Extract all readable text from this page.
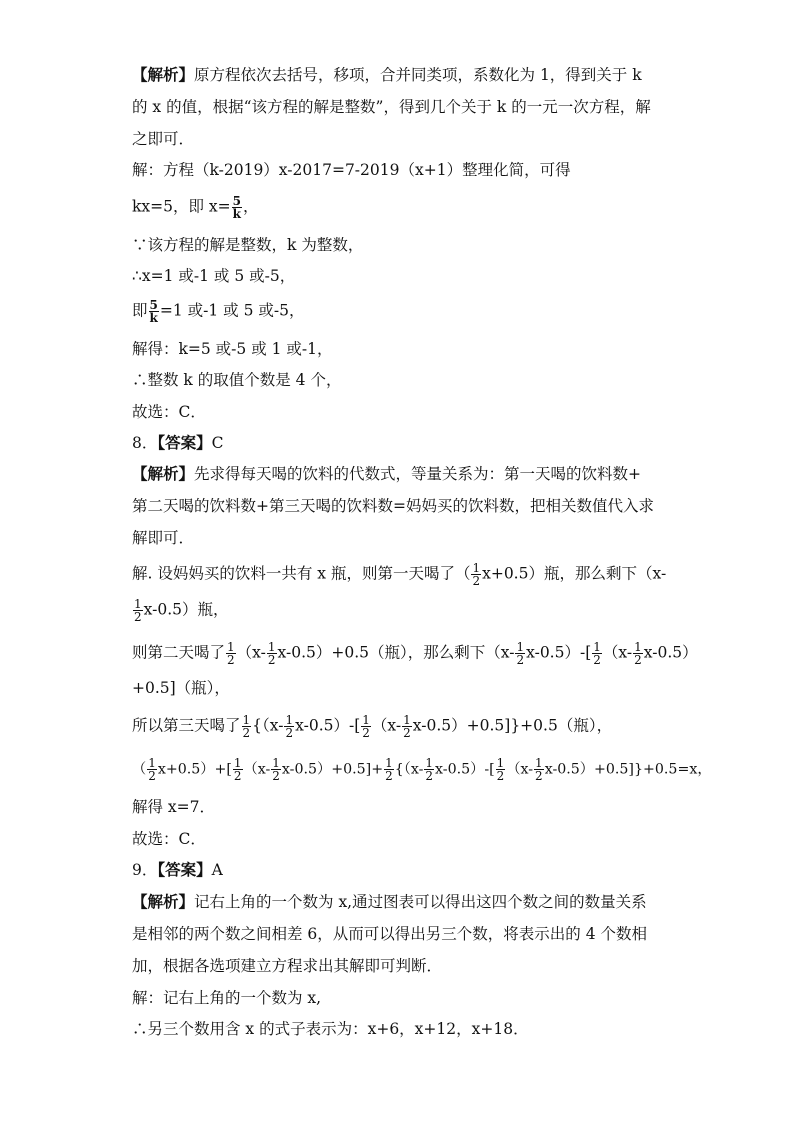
【解析】原方程依次去括号，移项，合并同类项，系数化为 1，得到关于 k
的 x 的值，根据“该方程的解是整数”，得到几个关于 k 的一元一次方程，解
之即可．
解：方程（k-2019）x-2017=7-2019（x+1）整理化简，可得
kx=5，即 $x= \frac{5}{k}$ ，
∵该方程的解是整数，k 为整数，
∴x=1 或-1 或 5 或-5，
即 $\frac{5}{k} =1$ 或-1 或 5 或-5，
解得：k=5 或-5 或 1 或-1，
∴整数 k 的取值个数是 4 个，
故选：C．
8．【答案】C
【解析】先求得每天喝的饮料的代数式，等量关系为：第一天喝的饮料数+
第二天喝的饮料数+第三天喝的饮料数=妈妈买的饮料数，把相关数值代入求
解即可．
解. 设妈妈买的饮料一共有 x 瓶，则第一天喝了（ $\frac{1}{2} x+0.5$）瓶，那么剩下（x-
$\frac{1}{2} x-0.5$）瓶，
则第二天喝了 $\frac{1}{2} (x- \frac{1}{2} x-0.5)+0.5$（瓶），那么剩下$(x- \frac{1}{2} x-0.5)-[ \frac{1}{2} (x- \frac{1}{2} x-0.5)$
+0.5]（瓶），
所以第三天喝了 $\frac{1}{2} \{(x- \frac{1}{2} x-0.5)-[ \frac{1}{2} (x- \frac{1}{2} x-0.5)+0.5]\}+0.5$（瓶），
（ $\frac{1}{2} x+0.5)+[ \frac{1}{2} (x- \frac{1}{2} x-0.5)+0.5]+ \frac{1}{2} \{(x- \frac{1}{2} x-0.5)-[ \frac{1}{2} (x- \frac{1}{2} x-0.5)+0.5]\}+0.5=x$，
解得 x=7．
故选：C．
9．【答案】A
【解析】记右上角的一个数为 x,通过图表可以得出这四个数之间的数量关系
是相邻的两个数之间相差 6，从而可以得出另三个数，将表示出的 4 个数相
加，根据各选项建立方程求出其解即可判断．
解：记右上角的一个数为 x,
∴另三个数用含 x 的式子表示为：x+6，x+12，x+18．
